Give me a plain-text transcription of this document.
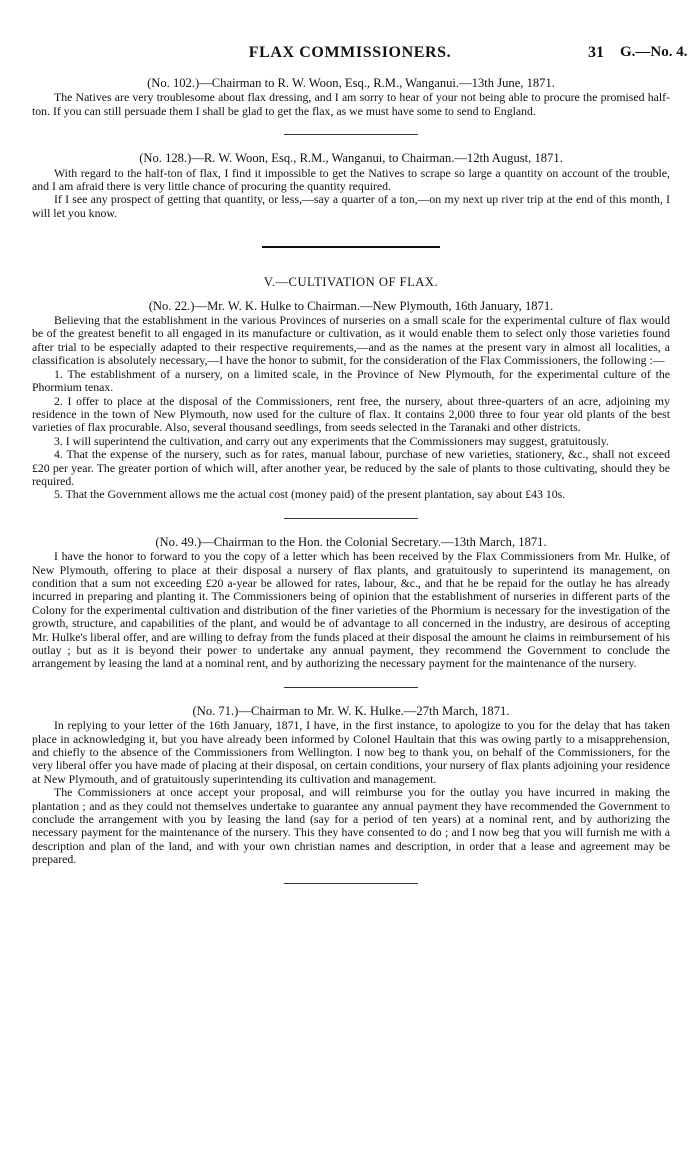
FLAX COMMISSIONERS.	31 G.—No. 4.

(No. 102.)—Chairman to R. W. Woon, Esq., R.M., Wanganui.—13th June, 1871.

The Natives are very troublesome about flax dressing, and I am sorry to hear of your not being able to procure the promised half-ton. If you can still persuade them I shall be glad to get the flax, as we must have some to send to England.

(No. 128.)—R. W. Woon, Esq., R.M., Wanganui, to Chairman.—12th August, 1871.

With regard to the half-ton of flax, I find it impossible to get the Natives to scrape so large a quantity on account of the trouble, and I am afraid there is very little chance of procuring the quantity required.

If I see any prospect of getting that quantity, or less,—say a quarter of a ton,—on my next up river trip at the end of this month, I will let you know.

V.—CULTIVATION OF FLAX.

(No. 22.)—Mr. W. K. Hulke to Chairman.—New Plymouth, 16th January, 1871.

Believing that the establishment in the various Provinces of nurseries on a small scale for the experimental culture of flax would be of the greatest benefit to all engaged in its manufacture or cultivation, as it would enable them to select only those varieties found after trial to be especially adapted to their respective requirements,—and as the names at the present vary in almost all localities, a classification is absolutely necessary,—I have the honor to submit, for the consideration of the Flax Commissioners, the following :—

1. The establishment of a nursery, on a limited scale, in the Province of New Plymouth, for the experimental culture of the Phormium tenax.

2. I offer to place at the disposal of the Commissioners, rent free, the nursery, about three-quarters of an acre, adjoining my residence in the town of New Plymouth, now used for the culture of flax. It contains 2,000 three to four year old plants of the best varieties of flax procurable. Also, several thousand seedlings, from seeds selected in the Taranaki and other districts.

3. I will superintend the cultivation, and carry out any experiments that the Commissioners may suggest, gratuitously.

4. That the expense of the nursery, such as for rates, manual labour, purchase of new varieties, stationery, &c., shall not exceed £20 per year. The greater portion of which will, after another year, be reduced by the sale of plants to those cultivating, should they be required.

5. That the Government allows me the actual cost (money paid) of the present plantation, say about £43 10s.

(No. 49.)—Chairman to the Hon. the Colonial Secretary.—13th March, 1871.

I have the honor to forward to you the copy of a letter which has been received by the Flax Commissioners from Mr. Hulke, of New Plymouth, offering to place at their disposal a nursery of flax plants, and gratuitously to superintend its management, on condition that a sum not exceeding £20 a-year be allowed for rates, labour, &c., and that he be repaid for the outlay he has already incurred in preparing and planting it. The Commissioners being of opinion that the establishment of nurseries in different parts of the Colony for the experimental cultivation and distribution of the finer varieties of the Phormium is necessary for the investigation of the growth, structure, and capabilities of the plant, and would be of advantage to all concerned in the industry, are desirous of accepting Mr. Hulke's liberal offer, and are willing to defray from the funds placed at their disposal the amount he claims in reimbursement of his outlay ; but as it is beyond their power to undertake any annual payment, they recommend the Government to conclude the arrangement by leasing the land at a nominal rent, and by authorizing the necessary payment for the maintenance of the nursery.

(No. 71.)—Chairman to Mr. W. K. Hulke.—27th March, 1871.

In replying to your letter of the 16th January, 1871, I have, in the first instance, to apologize to you for the delay that has taken place in acknowledging it, but you have already been informed by Colonel Haultain that this was owing partly to a misapprehension, and chiefly to the absence of the Commissioners from Wellington. I now beg to thank you, on behalf of the Commissioners, for the very liberal offer you have made of placing at their disposal, on certain conditions, your nursery of flax plants adjoining your residence at New Plymouth, and of gratuitously superintending its cultivation and management.

The Commissioners at once accept your proposal, and will reimburse you for the outlay you have incurred in making the plantation ; and as they could not themselves undertake to guarantee any annual payment they have recommended the Government to conclude the arrangement with you by leasing the land (say for a period of ten years) at a nominal rent, and by authorizing the necessary payment for the maintenance of the nursery. This they have consented to do ; and I now beg that you will furnish me with a description and plan of the land, and with your own christian names and description, in order that a lease and agreement may be prepared.
